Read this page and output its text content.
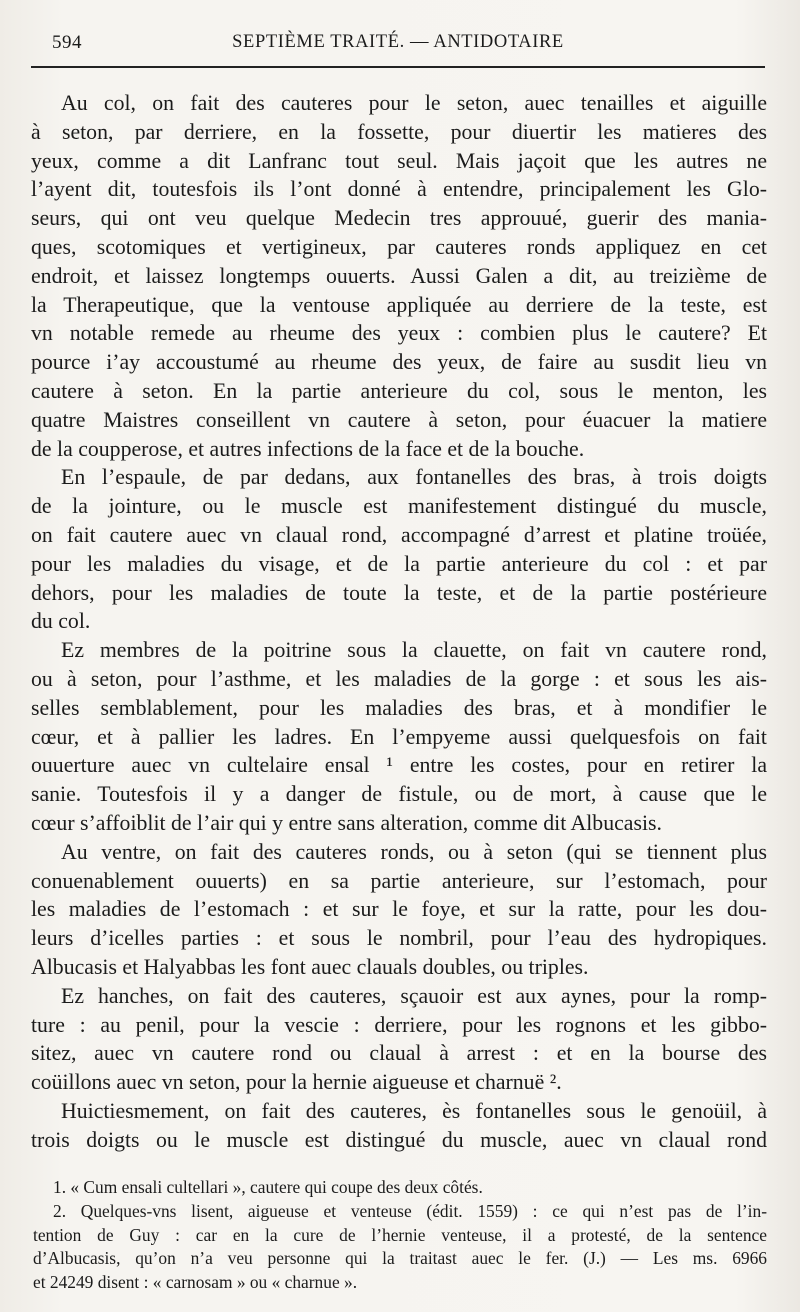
594	SEPTIÈME TRAITÉ. — ANTIDOTAIRE
Au col, on fait des cauteres pour le seton, auec tenailles et aiguille
à seton, par derriere, en la fossette, pour diuertir les matieres des
yeux, comme a dit Lanfranc tout seul. Mais jaçoit que les autres ne
l’ayent dit, toutesfois ils l’ont donné à entendre, principalement les Glo-
seurs, qui ont veu quelque Medecin tres approuué, guerir des mania-
ques, scotomiques et vertigineux, par cauteres ronds appliquez en cet
endroit, et laissez longtemps ouuerts. Aussi Galen a dit, au treizième de
la Therapeutique, que la ventouse appliquée au derriere de la teste, est
vn notable remede au rheume des yeux : combien plus le cautere? Et
pource i’ay accoustumé au rheume des yeux, de faire au susdit lieu vn
cautere à seton. En la partie anterieure du col, sous le menton, les
quatre Maistres conseillent vn cautere à seton, pour éuacuer la matiere
de la coupperose, et autres infections de la face et de la bouche.
En l’espaule, de par dedans, aux fontanelles des bras, à trois doigts
de la jointure, ou le muscle est manifestement distingué du muscle,
on fait cautere auec vn claual rond, accompagné d’arrest et platine troüée,
pour les maladies du visage, et de la partie anterieure du col : et par
dehors, pour les maladies de toute la teste, et de la partie postérieure
du col.
Ez membres de la poitrine sous la clauette, on fait vn cautere rond,
ou à seton, pour l’asthme, et les maladies de la gorge : et sous les ais-
selles semblablement, pour les maladies des bras, et à mondifier le
cœur, et à pallier les ladres. En l’empyeme aussi quelquesfois on fait
ouuerture auec vn cultelaire ensal ¹ entre les costes, pour en retirer la
sanie. Toutesfois il y a danger de fistule, ou de mort, à cause que le
cœur s’affoiblit de l’air qui y entre sans alteration, comme dit Albucasis.
Au ventre, on fait des cauteres ronds, ou à seton (qui se tiennent plus
conuenablement ouuerts) en sa partie anterieure, sur l’estomach, pour
les maladies de l’estomach : et sur le foye, et sur la ratte, pour les dou-
leurs d’icelles parties : et sous le nombril, pour l’eau des hydropiques.
Albucasis et Halyabbas les font auec clauals doubles, ou triples.
Ez hanches, on fait des cauteres, sçauoir est aux aynes, pour la romp-
ture : au penil, pour la vescie : derriere, pour les rognons et les gibbo-
sitez, auec vn cautere rond ou claual à arrest : et en la bourse des
coüillons auec vn seton, pour la hernie aigueuse et charnuë ².
Huictiesmement, on fait des cauteres, ès fontanelles sous le genoüil, à
trois doigts ou le muscle est distingué du muscle, auec vn claual rond
1. « Cum ensali cultellari », cautere qui coupe des deux côtés.
2. Quelques-vns lisent, aigueuse et venteuse (édit. 1559) : ce qui n’est pas de l’in-
tention de Guy : car en la cure de l’hernie venteuse, il a protesté, de la sentence
d’Albucasis, qu’on n’a veu personne qui la traitast auec le fer. (J.) — Les ms. 6966
et 24249 disent : « carnosam » ou « charnue ».
